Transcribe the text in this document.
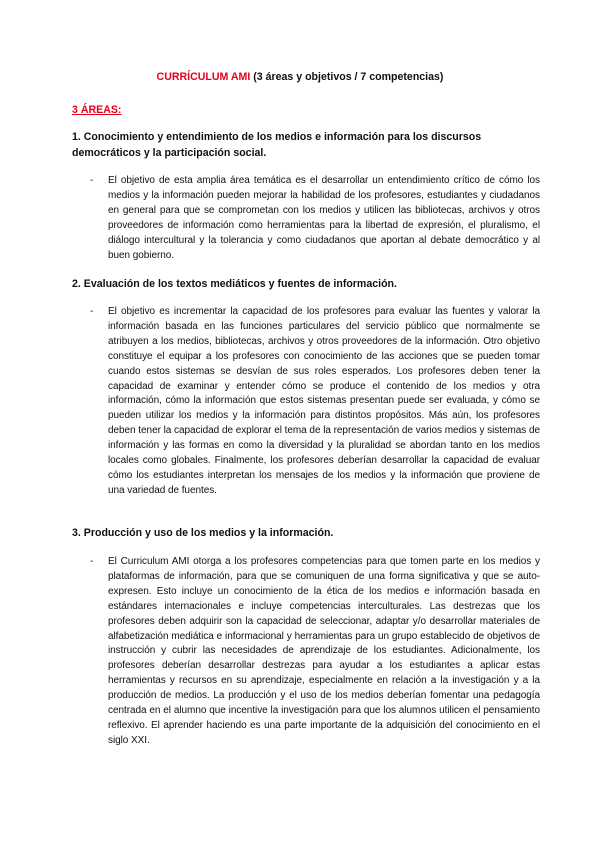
CURRÍCULUM AMI (3 áreas y objetivos / 7 competencias)
3 ÁREAS:
1. Conocimiento y entendimiento de los medios e información para los discursos democráticos y la participación social.
- El objetivo de esta amplia área temática es el desarrollar un entendimiento crítico de cómo los medios y la información pueden mejorar la habilidad de los profesores, estudiantes y ciudadanos en general para que se comprometan con los medios y utilicen las bibliotecas, archivos y otros proveedores de información como herramientas para la libertad de expresión, el pluralismo, el diálogo intercultural y la tolerancia y como ciudadanos que aportan al debate democrático y al buen gobierno.
2. Evaluación de los textos mediáticos y fuentes de información.
- El objetivo es incrementar la capacidad de los profesores para evaluar las fuentes y valorar la información basada en las funciones particulares del servicio público que normalmente se atribuyen a los medios, bibliotecas, archivos y otros proveedores de la información. Otro objetivo constituye el equipar a los profesores con conocimiento de las acciones que se pueden tomar cuando estos sistemas se desvían de sus roles esperados. Los profesores deben tener la capacidad de examinar y entender cómo se produce el contenido de los medios y otra información, cómo la información que estos sistemas presentan puede ser evaluada, y cómo se pueden utilizar los medios y la información para distintos propósitos. Más aún, los profesores deben tener la capacidad de explorar el tema de la representación de varios medios y sistemas de información y las formas en como la diversidad y la pluralidad se abordan tanto en los medios locales como globales. Finalmente, los profesores deberían desarrollar la capacidad de evaluar cómo los estudiantes interpretan los mensajes de los medios y la información que proviene de una variedad de fuentes.
3. Producción y uso de los medios y la información.
- El Curriculum AMI otorga a los profesores competencias para que tomen parte en los medios y plataformas de información, para que se comuniquen de una forma significativa y que se auto-expresen. Esto incluye un conocimiento de la ética de los medios e información basada en estándares internacionales e incluye competencias interculturales. Las destrezas que los profesores deben adquirir son la capacidad de seleccionar, adaptar y/o desarrollar materiales de alfabetización mediática e informacional y herramientas para un grupo establecido de objetivos de instrucción y cubrir las necesidades de aprendizaje de los estudiantes. Adicionalmente, los profesores deberían desarrollar destrezas para ayudar a los estudiantes a aplicar estas herramientas y recursos en su aprendizaje, especialmente en relación a la investigación y a la producción de medios. La producción y el uso de los medios deberían fomentar una pedagogía centrada en el alumno que incentive la investigación para que los alumnos utilicen el pensamiento reflexivo. El aprender haciendo es una parte importante de la adquisición del conocimiento en el siglo XXI.
